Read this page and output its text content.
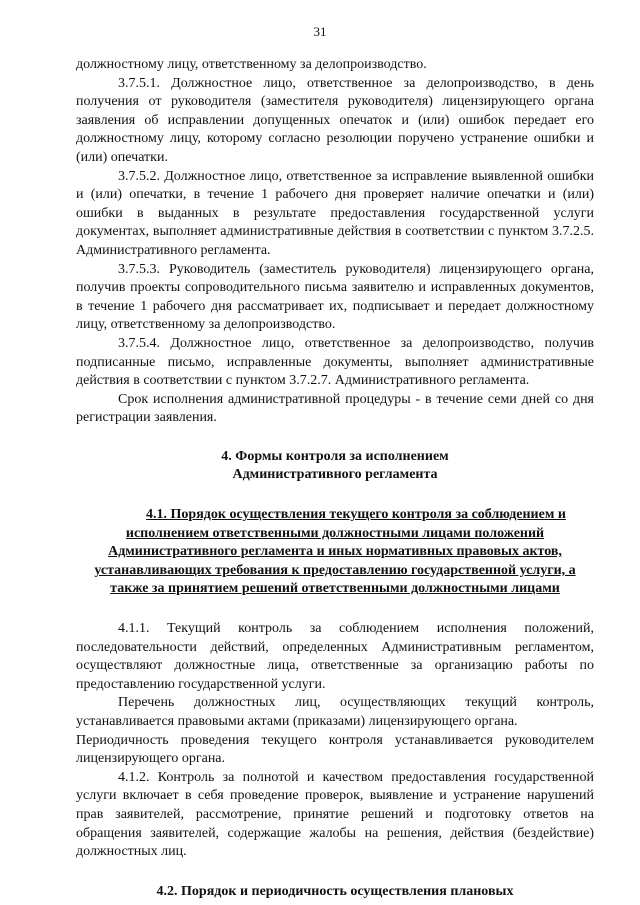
31

должностному лицу, ответственному за делопроизводство.

3.7.5.1. Должностное лицо, ответственное за делопроизводство, в день получения от руководителя (заместителя руководителя) лицензирующего органа заявления об исправлении допущенных опечаток и (или) ошибок передает его должностному лицу, которому согласно резолюции поручено устранение ошибки и (или) опечатки.

3.7.5.2. Должностное лицо, ответственное за исправление выявленной ошибки и (или) опечатки, в течение 1 рабочего дня проверяет наличие опечатки и (или) ошибки в выданных в результате предоставления государственной услуги документах, выполняет административные действия в соответствии с пунктом 3.7.2.5. Административного регламента.

3.7.5.3. Руководитель (заместитель руководителя) лицензирующего органа, получив проекты сопроводительного письма заявителю и исправленных документов, в течение 1 рабочего дня рассматривает их, подписывает и передает должностному лицу, ответственному за делопроизводство.

3.7.5.4. Должностное лицо, ответственное за делопроизводство, получив подписанные письмо, исправленные документы, выполняет административные действия в соответствии с пунктом 3.7.2.7. Административного регламента.

Срок исполнения административной процедуры - в течение семи дней со дня регистрации заявления.

4. Формы контроля за исполнением
Административного регламента

4.1. Порядок осуществления текущего контроля за соблюдением и исполнением ответственными должностными лицами положений Административного регламента и иных нормативных правовых актов, устанавливающих требования к предоставлению государственной услуги, а также за принятием решений ответственными должностными лицами

4.1.1. Текущий контроль за соблюдением исполнения положений, последовательности действий, определенных Административным регламентом, осуществляют должностные лица, ответственные за организацию работы по предоставлению государственной услуги.

Перечень должностных лиц, осуществляющих текущий контроль, устанавливается правовыми актами (приказами) лицензирующего органа.

Периодичность проведения текущего контроля устанавливается руководителем лицензирующего органа.

4.1.2. Контроль за полнотой и качеством предоставления государственной услуги включает в себя проведение проверок, выявление и устранение нарушений прав заявителей, рассмотрение, принятие решений и подготовку ответов на обращения заявителей, содержащие жалобы на решения, действия (бездействие) должностных лиц.

4.2. Порядок и периодичность осуществления плановых
